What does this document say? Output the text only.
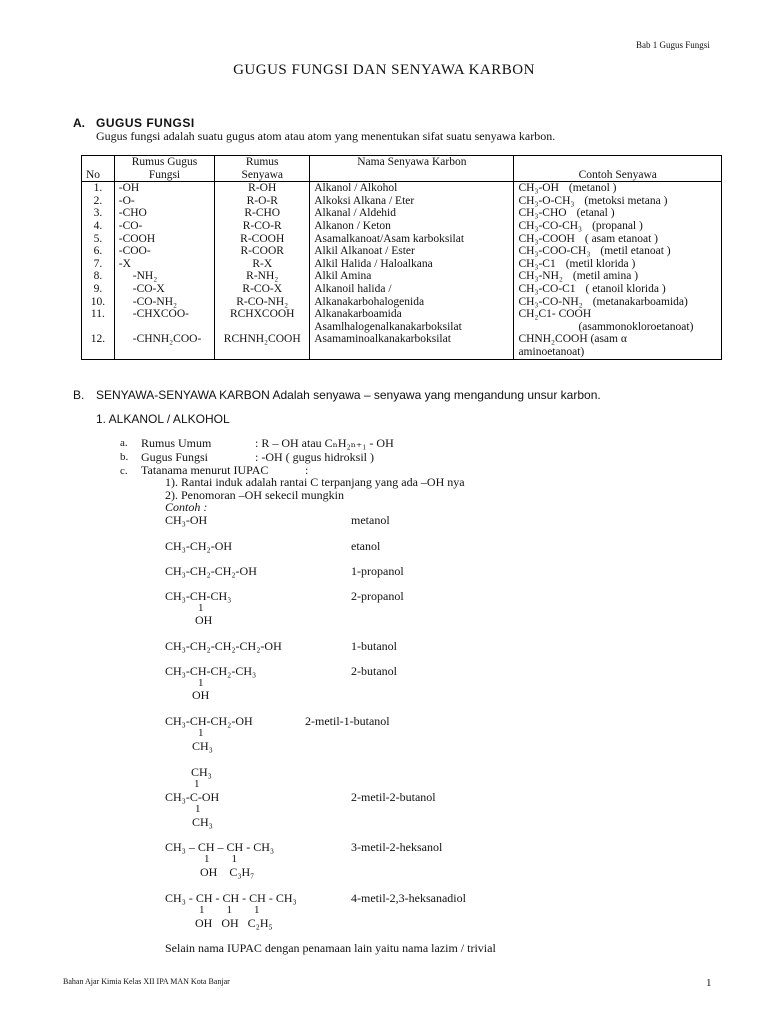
Bab 1 Gugus Fungsi
GUGUS FUNGSI DAN SENYAWA KARBON
A. GUGUS FUNGSI
Gugus fungsi adalah suatu gugus atom atau atom yang menentukan sifat suatu senyawa karbon.
No	Rumus Gugus
Fungsi	Rumus
Senyawa	Nama Senyawa Karbon	Contoh Senyawa
1.	-OH	R-OH	Alkanol / Alkohol	CH₃-OH (metanol )
2.	-O-	R-O-R	Alkoksi Alkana / Eter	CH₃-O-CH₃ (metoksi metana )
3.	-CHO	R-CHO	Alkanal / Aldehid	CH₃-CHO (etanal )
4.	-CO-	R-CO-R	Alkanon / Keton	CH₃-CO-CH₃ (propanal )
5.	-COOH	R-COOH	Asamalkanoat/Asam karboksilat	CH₃-COOH ( asam etanoat )
6.	-COO-	R-COOR	Alkil Alkanoat / Ester	CH₃-COO-CH₃ (metil etanoat )
7.	-X	R-X	Alkil Halida / Haloalkana	CH₃-C1 (metil klorida )
8.	-NH₂	R-NH₂	Alkil Amina	CH₃-NH₂ (metil amina )
9.	-CO-X	R-CO-X	Alkanoil halida /	CH₃-CO-C1 ( etanoil klorida )
10.	-CO-NH₂	R-CO-NH₂	Alkanakarbohalogenida	CH₃-CO-NH₂ (metanakarboamida)
11.	-CHXCOO-	RCHXCOOH	Alkanakarboamida
Asamlhalogenalkanakarboksilat	CH₂C1- COOH
(asammonokloroetanoat)
12.	-CHNH₂COO-	RCHNH₂COOH	Asamaminoalkanakarboksilat	CHNH₂COOH (asam α
aminoetanoat)
B. SENYAWA-SENYAWA KARBON Adalah senyawa – senyawa yang mengandung unsur karbon.
1. ALKANOL / ALKOHOL
a. Rumus Umum	: R – OH atau CₙH₂ₙ₊₁ - OH
b. Gugus Fungsi	: -OH ( gugus hidroksil )
c. Tatanama menurut IUPAC	:
1). Rantai induk adalah rantai C terpanjang yang ada –OH nya
2). Penomoran –OH sekecil mungkin
Contoh :
CH₃-OH	metanol
CH₃-CH₂-OH	etanol
CH₃-CH₂-CH₂-OH	1-propanol
CH₃-CH-CH₃
1
OH
2-propanol
CH₃-CH₂-CH₂-CH₂-OH	1-butanol
CH₃-CH-CH₂-CH₃
1
OH
2-butanol
CH₃-CH-CH₂-OH
1
CH₃
2-metil-1-butanol
CH₃
1
CH₃-C-OH
1
CH₃
2-metil-2-butanol
CH₃ – CH – CH - CH₃
1        1
OH    C₃H₇
3-metil-2-heksanol
CH₃ - CH - CH - CH - CH₃
1        1        1
OH   OH   C₂H₅
4-metil-2,3-heksanadiol
Selain nama IUPAC dengan penamaan lain yaitu nama lazim / trivial
Bahan Ajar Kimia Kelas XII IPA MAN Kota Banjar	1
